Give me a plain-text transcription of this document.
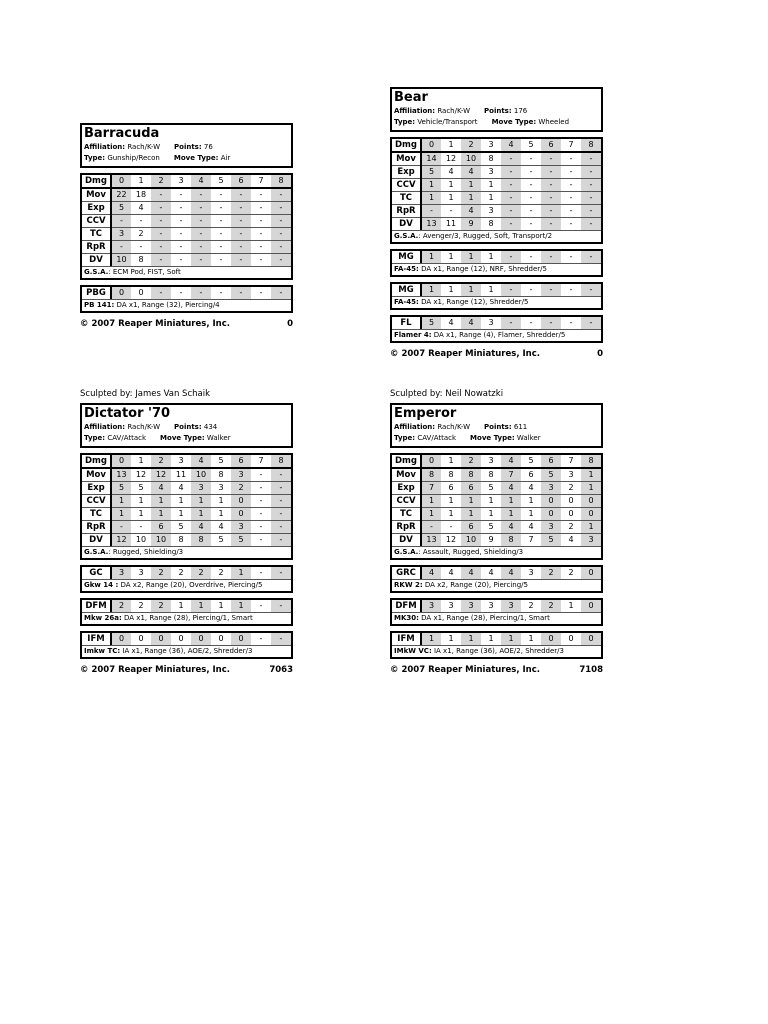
Barracuda
Affiliation: Rach/K-W Points: 76
Type: Gunship/Recon Move Type: Air
Dmg	0	1	2	3	4	5	6	7	8
Mov	22	18	-	-	-	-	-	-	-
Exp	5	4	-	-	-	-	-	-	-
CCV	-	-	-	-	-	-	-	-	-
TC	3	2	-	-	-	-	-	-	-
RpR	-	-	-	-	-	-	-	-	-
DV	10	8	-	-	-	-	-	-	-
G.S.A.: ECM Pod, FIST, Soft
PBG	0	0	-	-	-	-	-	-	-
PB 141: DA x1, Range (32), Piercing/4
© 2007 Reaper Miniatures, Inc.	0
Bear
Affiliation: Rach/K-W Points: 176
Type: Vehicle/Transport Move Type: Wheeled
Dmg	0	1	2	3	4	5	6	7	8
Mov	14	12	10	8	-	-	-	-	-
Exp	5	4	4	3	-	-	-	-	-
CCV	1	1	1	1	-	-	-	-	-
TC	1	1	1	1	-	-	-	-	-
RpR	-	-	4	3	-	-	-	-	-
DV	13	11	9	8	-	-	-	-	-
G.S.A.: Avenger/3, Rugged, Soft, Transport/2
MG	1	1	1	1	-	-	-	-	-
FA-45: DA x1, Range (12), NRF, Shredder/5
MG	1	1	1	1	-	-	-	-	-
FA-45: DA x1, Range (12), Shredder/5
FL	5	4	4	3	-	-	-	-	-
Flamer 4: DA x1, Range (4), Flamer, Shredder/5
© 2007 Reaper Miniatures, Inc.	0
Sculpted by: James Van Schaik
Dictator '70
Affiliation: Rach/K-W Points: 434
Type: CAV/Attack Move Type: Walker
Dmg	0	1	2	3	4	5	6	7	8
Mov	13	12	12	11	10	8	3	-	-
Exp	5	5	4	4	3	3	2	-	-
CCV	1	1	1	1	1	1	0	-	-
TC	1	1	1	1	1	1	0	-	-
RpR	-	-	6	5	4	4	3	-	-
DV	12	10	10	8	8	5	5	-	-
G.S.A.: Rugged, Shielding/3
GC	3	3	2	2	2	2	1	-	-
Gkw 14 : DA x2, Range (20), Overdrive, Piercing/5
DFM	2	2	2	1	1	1	1	-	-
Mkw 26a: DA x1, Range (28), Piercing/1, Smart
IFM	0	0	0	0	0	0	0	-	-
Imkw TC: IA x1, Range (36), AOE/2, Shredder/3
© 2007 Reaper Miniatures, Inc.	7063
Sculpted by: Neil Nowatzki
Emperor
Affiliation: Rach/K-W Points: 611
Type: CAV/Attack Move Type: Walker
Dmg	0	1	2	3	4	5	6	7	8
Mov	8	8	8	8	7	6	5	3	1
Exp	7	6	6	5	4	4	3	2	1
CCV	1	1	1	1	1	1	0	0	0
TC	1	1	1	1	1	1	0	0	0
RpR	-	-	6	5	4	4	3	2	1
DV	13	12	10	9	8	7	5	4	3
G.S.A.: Assault, Rugged, Shielding/3
GRC	4	4	4	4	4	3	2	2	0
RKW 2: DA x2, Range (20), Piercing/5
DFM	3	3	3	3	3	2	2	1	0
MK30: DA x1, Range (28), Piercing/1, Smart
IFM	1	1	1	1	1	1	0	0	0
IMkW VC: IA x1, Range (36), AOE/2, Shredder/3
© 2007 Reaper Miniatures, Inc.	7108
